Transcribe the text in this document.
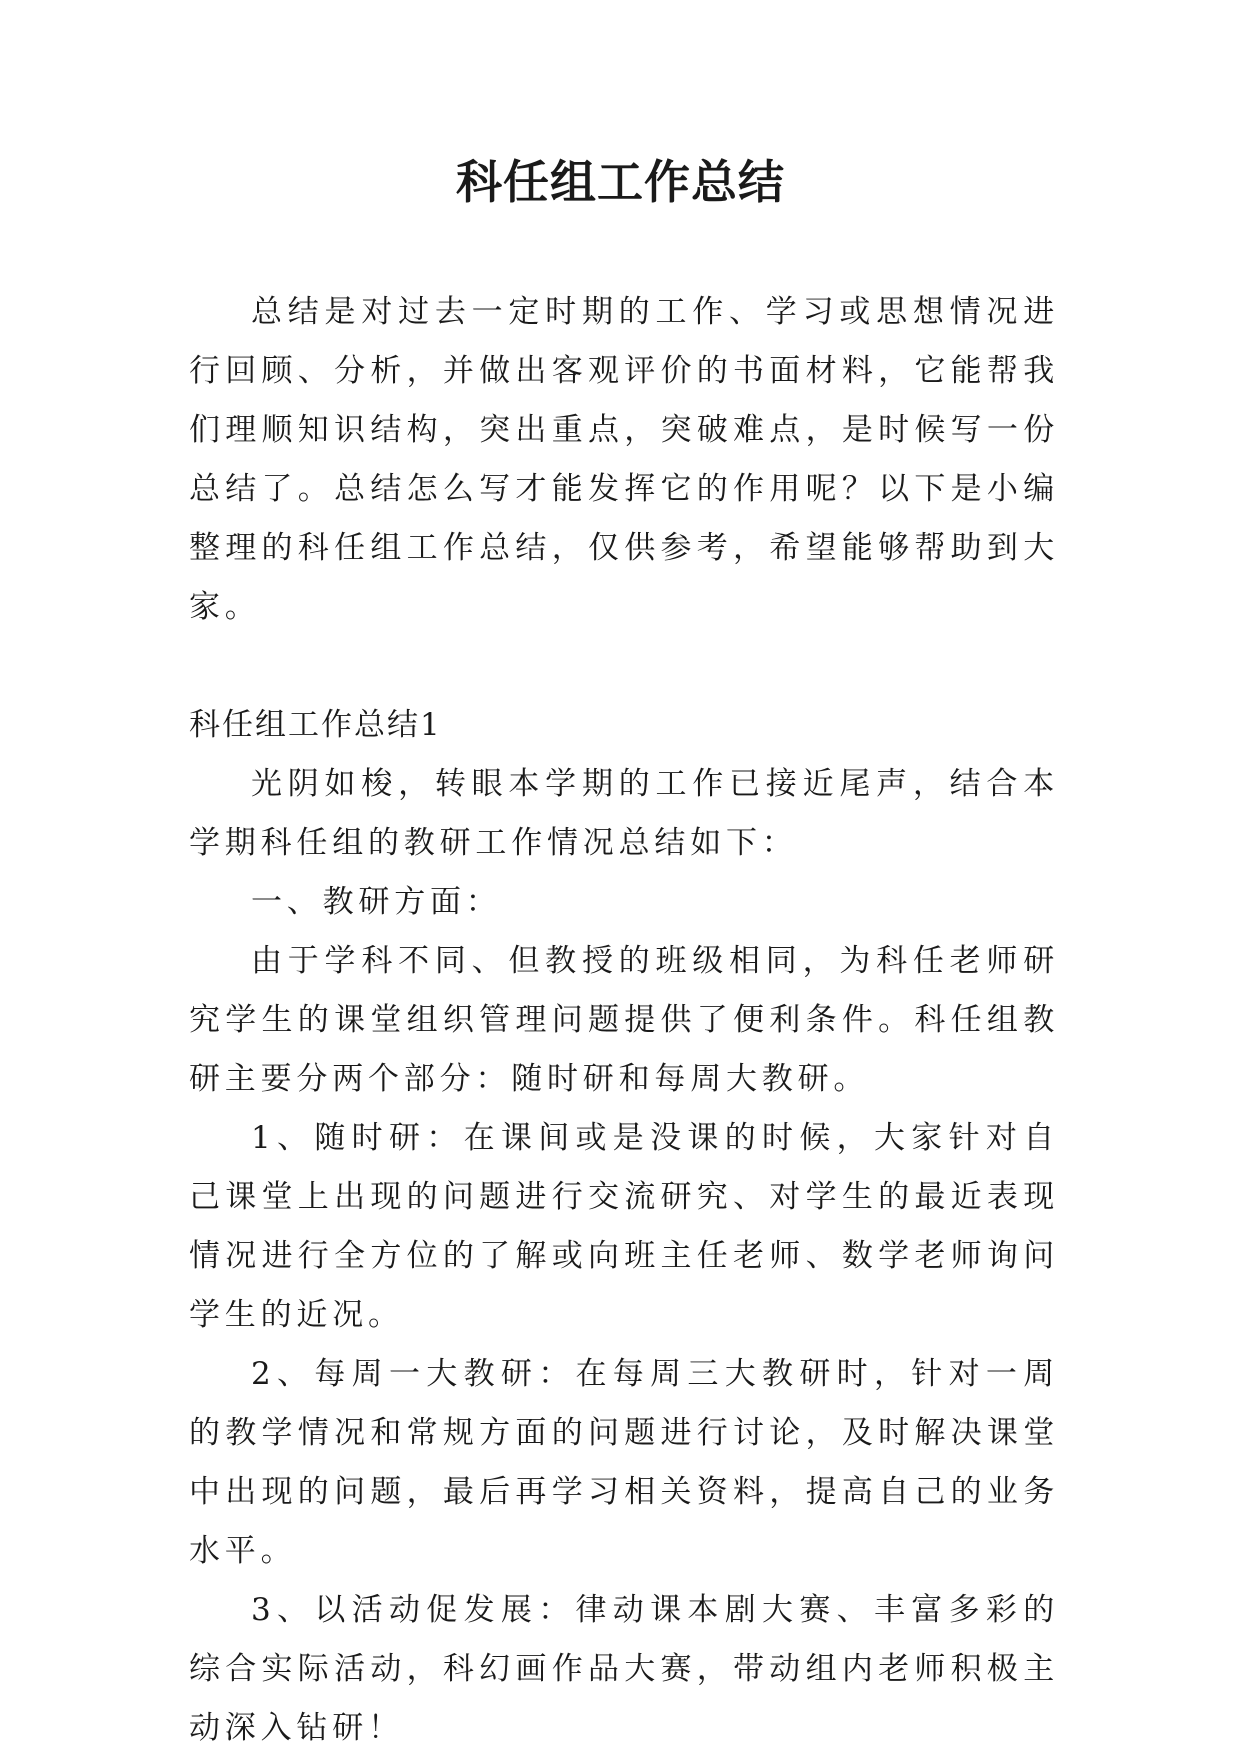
科任组工作总结

总结是对过去一定时期的工作、学习或思想情况进行回顾、分析，并做出客观评价的书面材料，它能帮我们理顺知识结构，突出重点，突破难点，是时候写一份总结了。总结怎么写才能发挥它的作用呢？以下是小编整理的科任组工作总结，仅供参考，希望能够帮助到大家。

科任组工作总结1

光阴如梭，转眼本学期的工作已接近尾声，结合本学期科任组的教研工作情况总结如下：

一、教研方面：

由于学科不同、但教授的班级相同，为科任老师研究学生的课堂组织管理问题提供了便利条件。科任组教研主要分两个部分：随时研和每周大教研。

1、随时研：在课间或是没课的时候，大家针对自己课堂上出现的问题进行交流研究、对学生的最近表现情况进行全方位的了解或向班主任老师、数学老师询问学生的近况。

2、每周一大教研：在每周三大教研时，针对一周的教学情况和常规方面的问题进行讨论，及时解决课堂中出现的问题，最后再学习相关资料，提高自己的业务水平。

3、以活动促发展：律动课本剧大赛、丰富多彩的综合实际活动，科幻画作品大赛，带动组内老师积极主动深入钻研！
